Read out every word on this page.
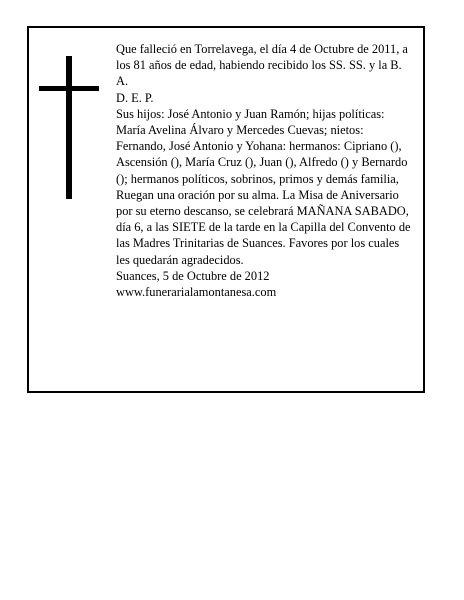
Que falleció en Torrelavega, el día 4 de Octubre de 2011, a los 81 años de edad, habiendo recibido los SS. SS. y la B. A.

D. E. P.

Sus hijos: José Antonio y Juan Ramón; hijas políticas: María Avelina Álvaro y Mercedes Cuevas; nietos: Fernando, José Antonio y Yohana: hermanos: Cipriano (), Ascensión (), María Cruz (), Juan (), Alfredo () y Bernardo (); hermanos políticos, sobrinos, primos y demás familia,

Ruegan una oración por su alma. La Misa de Aniversario por su eterno descanso, se celebrará MAÑANA SABADO, día 6, a las SIETE de la tarde en la Capilla del Convento de las Madres Trinitarias de Suances. Favores por los cuales les quedarán agradecidos.

Suances, 5 de Octubre de 2012

www.funerarialamontanesa.com
